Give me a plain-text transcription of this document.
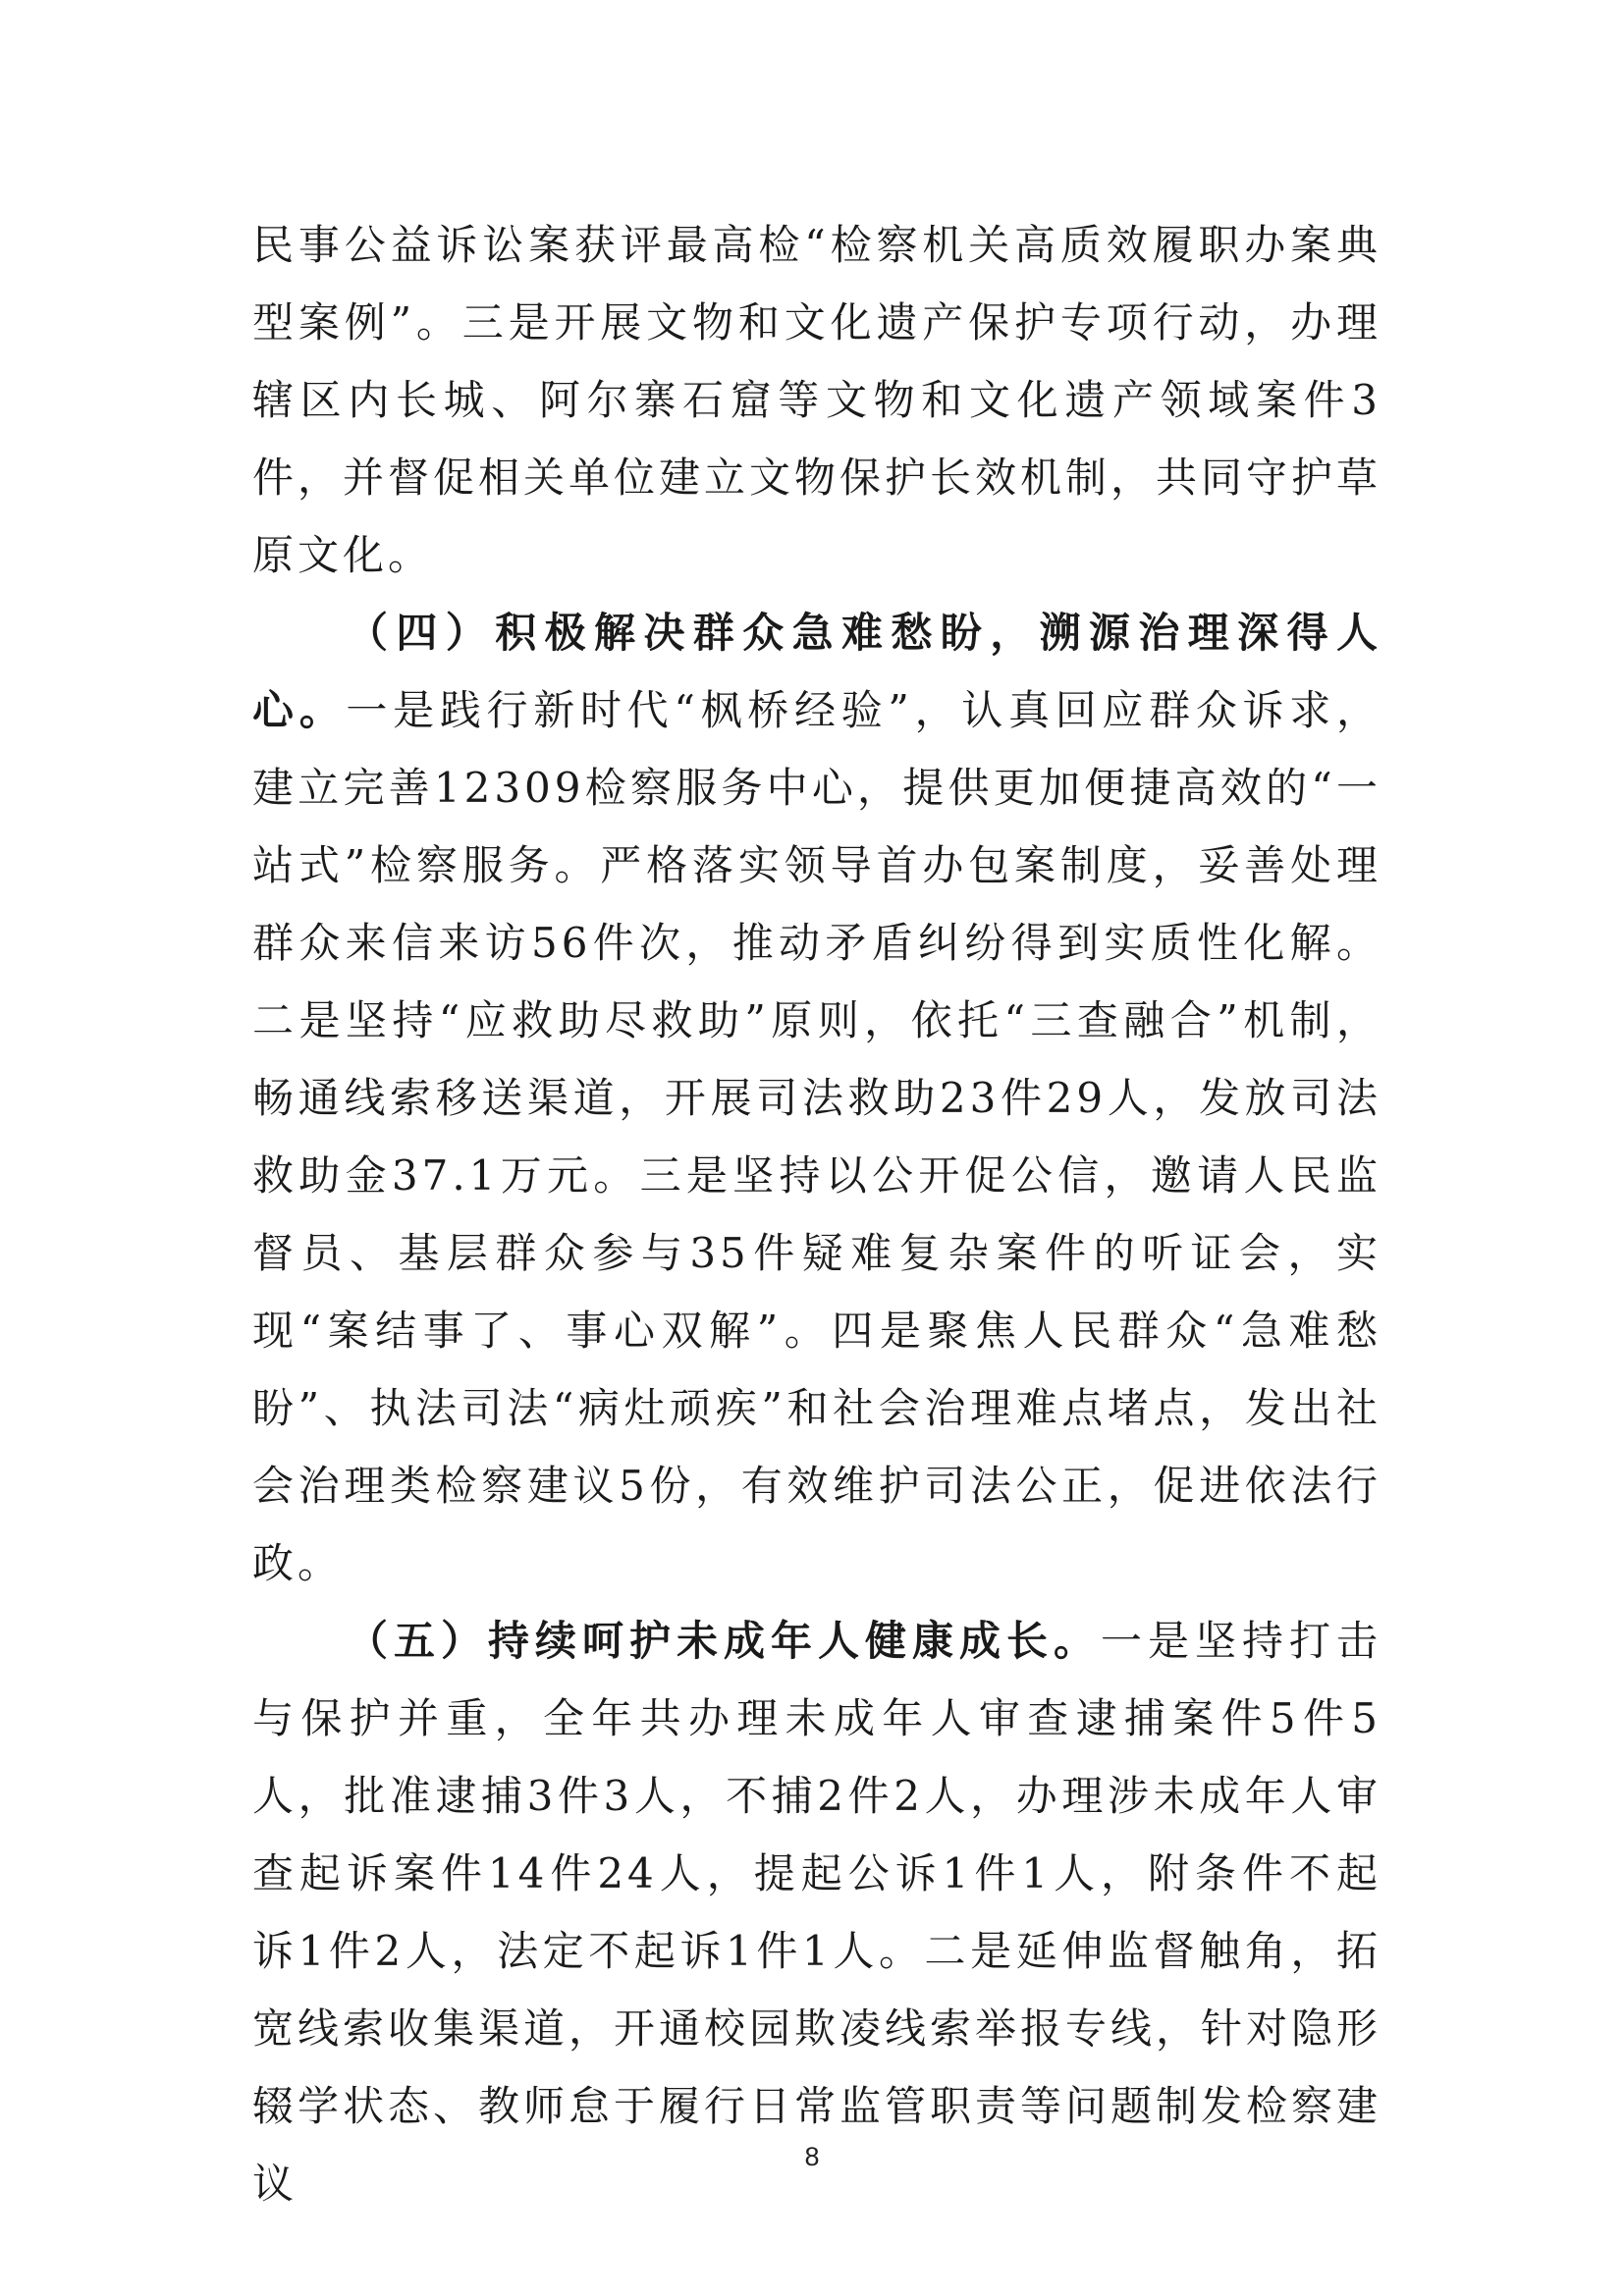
民事公益诉讼案获评最高检“检察机关高质效履职办案典型案例”。三是开展文物和文化遗产保护专项行动，办理辖区内长城、阿尔寨石窟等文物和文化遗产领域案件3件，并督促相关单位建立文物保护长效机制，共同守护草原文化。

（四）积极解决群众急难愁盼，溯源治理深得人心。一是践行新时代“枫桥经验”，认真回应群众诉求，建立完善12309检察服务中心，提供更加便捷高效的“一站式”检察服务。严格落实领导首办包案制度，妥善处理群众来信来访56件次，推动矛盾纠纷得到实质性化解。二是坚持“应救助尽救助”原则，依托“三查融合”机制，畅通线索移送渠道，开展司法救助23件29人，发放司法救助金37.1万元。三是坚持以公开促公信，邀请人民监督员、基层群众参与35件疑难复杂案件的听证会，实现“案结事了、事心双解”。四是聚焦人民群众“急难愁盼”、执法司法“病灶顽疾”和社会治理难点堵点，发出社会治理类检察建议5份，有效维护司法公正，促进依法行政。

（五）持续呵护未成年人健康成长。一是坚持打击与保护并重，全年共办理未成年人审查逮捕案件5件5人，批准逮捕3件3人，不捕2件2人，办理涉未成年人审查起诉案件14件24人，提起公诉1件1人，附条件不起诉1件2人，法定不起诉1件1人。二是延伸监督触角，拓宽线索收集渠道，开通校园欺凌线索举报专线，针对隐形辍学状态、教师怠于履行日常监管职责等问题制发检察建议

8
